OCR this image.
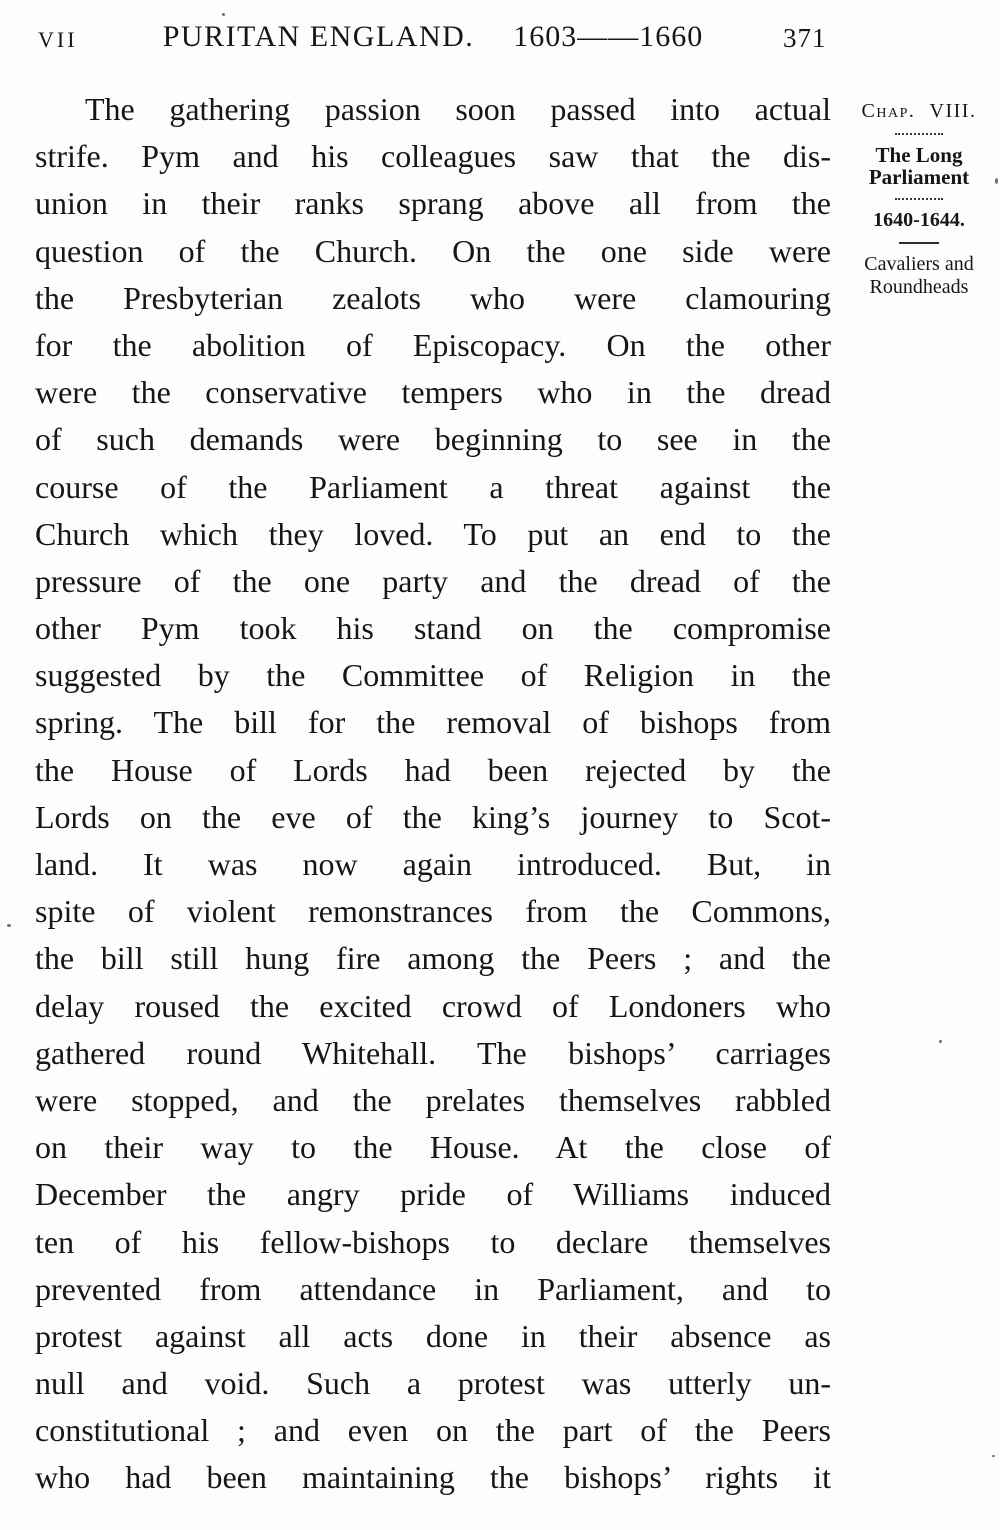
VII	PURITAN ENGLAND. 1603——1660	371
The gathering passion soon passed into actual
strife. Pym and his colleagues saw that the dis-
union in their ranks sprang above all from the
question of the Church. On the one side were
the Presbyterian zealots who were clamouring
for the abolition of Episcopacy. On the other
were the conservative tempers who in the dread
of such demands were beginning to see in the
course of the Parliament a threat against the
Church which they loved. To put an end to the
pressure of the one party and the dread of the
other Pym took his stand on the compromise
suggested by the Committee of Religion in the
spring. The bill for the removal of bishops from
the House of Lords had been rejected by the
Lords on the eve of the king’s journey to Scot-
land. It was now again introduced. But, in
spite of violent remonstrances from the Commons,
the bill still hung fire among the Peers ; and the
delay roused the excited crowd of Londoners who
gathered round Whitehall. The bishops’ carriages
were stopped, and the prelates themselves rabbled
on their way to the House. At the close of
December the angry pride of Williams induced
ten of his fellow-bishops to declare themselves
prevented from attendance in Parliament, and to
protest against all acts done in their absence as
null and void. Such a protest was utterly un-
constitutional ; and even on the part of the Peers
who had been maintaining the bishops’ rights it
Chap. VIII.
The Long Parliament
1640-1644.
Cavaliers and Roundheads
